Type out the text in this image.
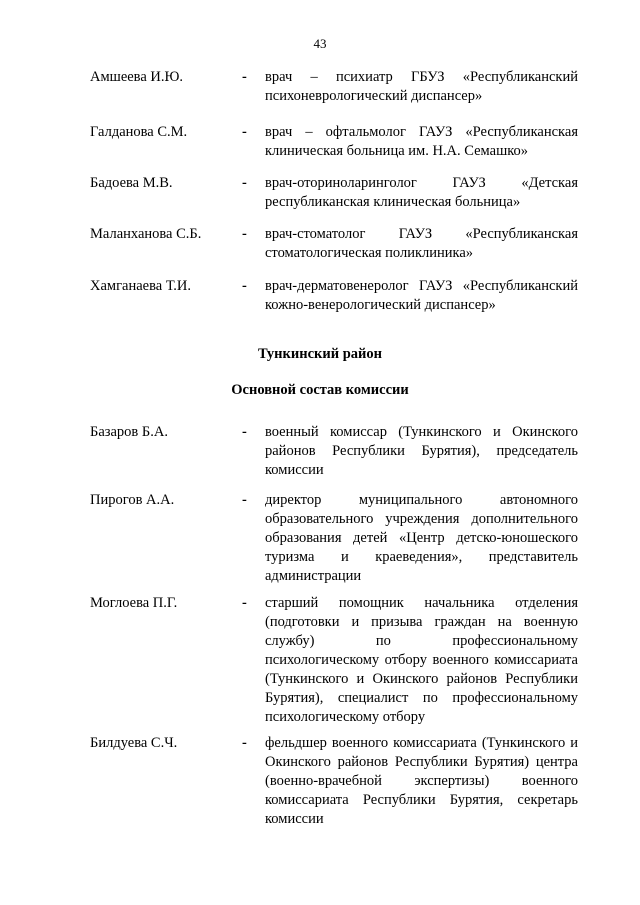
43
Амшеева И.Ю.	- врач – психиатр ГБУЗ «Республиканский психоневрологический диспансер»
Галданова С.М.	- врач – офтальмолог ГАУЗ «Республиканская клиническая больница им. Н.А. Семашко»
Бадоева М.В.	- врач-оториноларинголог ГАУЗ «Детская республиканская клиническая больница»
Маланханова С.Б.	- врач-стоматолог ГАУЗ «Республиканская стоматологическая поликлиника»
Хамганаева Т.И.	- врач-дерматовенеролог ГАУЗ «Республиканский кожно-венерологический диспансер»
Тункинский район
Основной состав комиссии
Базаров Б.А.	- военный комиссар (Тункинского и Окинского районов Республики Бурятия), председатель комиссии
Пирогов А.А.	- директор муниципального автономного образовательного учреждения дополнительного образования детей «Центр детско-юношеского туризма и краеведения», представитель администрации
Моглоева П.Г.	- старший помощник начальника отделения (подготовки и призыва граждан на военную службу) по профессиональному психологическому отбору военного комиссариата (Тункинского и Окинского районов Республики Бурятия), специалист по профессиональному психологическому отбору
Билдуева С.Ч.	- фельдшер военного комиссариата (Тункинского и Окинского районов Республики Бурятия) центра (военно-врачебной экспертизы) военного комиссариата Республики Бурятия, секретарь комиссии
